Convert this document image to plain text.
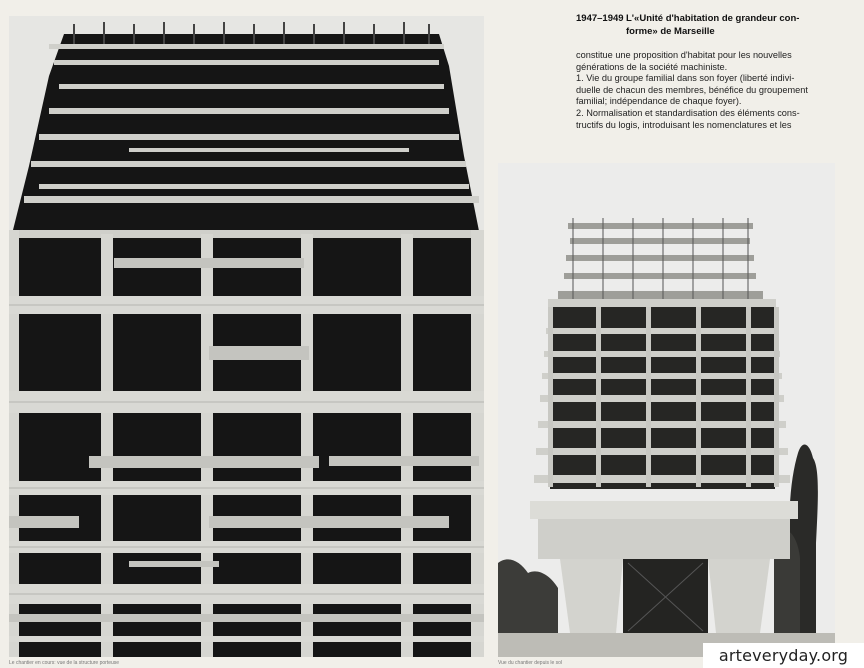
1947–1949 L'«Unité d'habitation de grandeur con-
forme» de Marseille

constitue une proposition d'habitat pour les nouvelles

générations de la société machiniste.

1. Vie du groupe familial dans son foyer (liberté indivi-

duelle de chacun des membres, bénéfice du groupement

familial; indépendance de chaque foyer).

2. Normalisation et standardisation des éléments cons-

tructifs du logis, introduisant les nomenclatures et les

Le chantier en cours: vue de la structure porteuse	Vue du chantier depuis le sol	arteveryday.org
